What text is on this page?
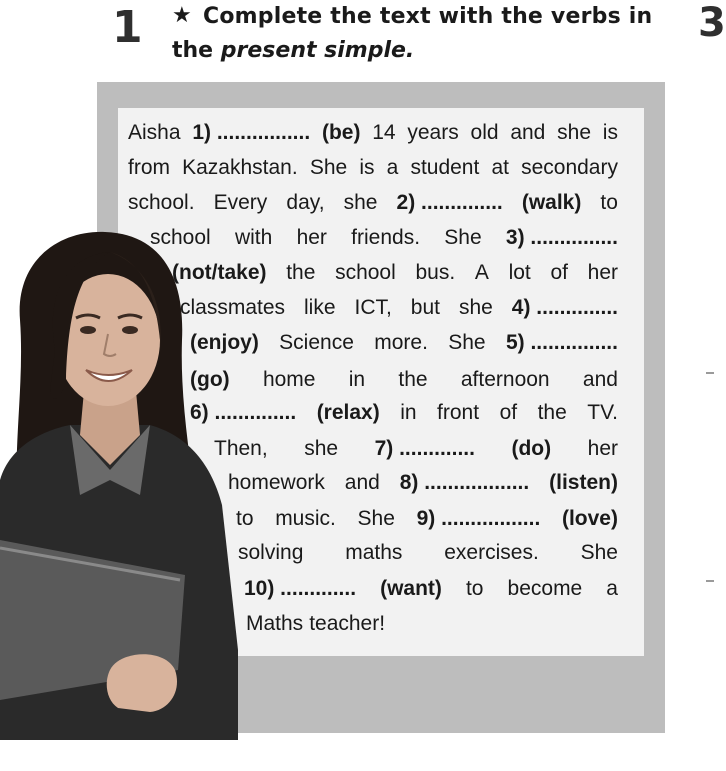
1 ★ Complete the text with the verbs in
the present simple.
3
Aisha 1) ................ (be) 14 years old and she is
from Kazakhstan. She is a student at secondary
school. Every day, she 2) .............. (walk) to
school with her friends. She 3) ...............
(not/take) the school bus. A lot of her
classmates like ICT, but she 4) ..............
(enjoy) Science more. She 5) ...............
(go) home in the afternoon and
6) .............. (relax) in front of the TV.
Then, she 7) ............. (do) her
homework and 8) .................. (listen)
to music. She 9) ................. (love)
solving maths exercises. She
10) ............. (want) to become a
Maths teacher!
